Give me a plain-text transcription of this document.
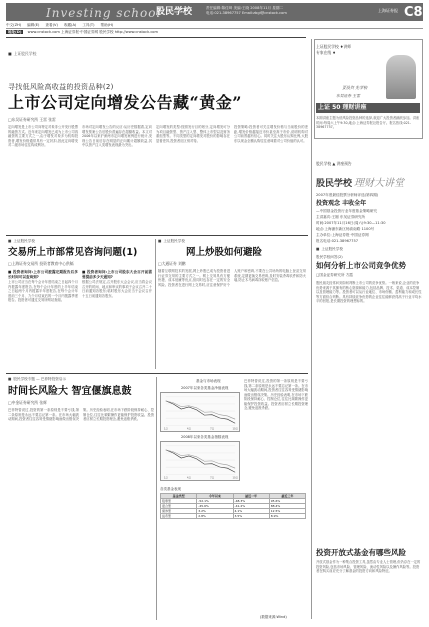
Investing school
股民学校	责任编辑:陈佳琦 美编:王晓 2008年11月 星期二
电话:021-38967757 Email:zbgl@cnstock.com
上海证券报 C8
中文(ZH) 编辑(E) 查看(V) 收藏(A) 工具(T) 帮助(H)
地址(D) www.cnstock.com 上海证券报·中国证券网 股民学校 http://www.cnstock.com
■ 上证股民学校
寻找低风险高收益的投资品种(2)
上市公司定向增发公告藏“黄金”
□东吴证券研究所 王雷 张雷
定向增发是上市公司向特定对象非公开发行股票的融资方式。近年来定向增发已成为上市公司再融资的主要方式之一,由于增发对象多为机构投资者,增发价格通常具有一定折扣,因此定向增发对二级市场往往构成利好。
市场对定向增发公告的反应:从历史数据看,定向增发预案公告后股价普遍存在超额收益。本文对2006年以来沪深两市定向增发案例进行统计,发现公告日前后存在明显的正向累计超额收益,其中以资产注入类增发表现最为突出。
定向增发的类型:按照发行目的划分,定向增发可分为项目融资型、资产注入型、整体上市型以及财务重组型等。不同类型的定向增发对股价的影响存在显著差异,投资者应区别对待。
投资策略:投资者可关注增发价格与当前股价的差距,增发价格越接近市价甚至高于市价,说明机构对公司前景越有信心。同时关注大股东认购比例,大股东以现金全额认购往往意味着对公司价值的认可。
上证股民学校 ♦讲师
专家在线 ♦
要投资 先学校
东吴证券 王雷
上证 50 理财讲座
本期讲座主题为低风险投资品种的选择,欢迎广大投资者踊跃参加。讲座时间:每周六上午9:30,地点:上海证券报社报告厅。报名热线:021-38967757。
股民学校 ▲ 讲座预告
股民学校 理财大讲堂
2007年度最佳股票分析师评选(第四期)
投资观念 丰收全年
—中国基金投资行业年度基金策略研究
主讲嘉宾:王刚 东吴证券研究所
时间:2007年11月16日(周六)9:30—11:30
地点:上海浦东新区杨高南路 1100号
主办单位:上海证券报·中国证券网
报名电话:021-38967757
■ 上证股民学校
股民学校问答(2)
如何分析上市公司竞争优势
□国金证券研究所 方霞
股民朋友经常问到如何判断上市公司的竞争优势。一般来说,企业的竞争优势来源于其拥有的核心资源和能力,包括品牌、技术、渠道、成本控制以及管理能力等。投资者可以从行业地位、市场份额、盈利能力和成长性等方面综合判断。具有持续竞争优势的企业往往能够获得高于行业平均水平的回报,是长期投资的理想标的。
投资开放式基金有哪些风险
开放式基金作为一种集合投资工具,虽然由专业人士管理,但仍存在一定的投资风险,包括市场风险、管理风险、流动性风险以及操作风险等。投资者在购买前应充分了解基金的投资方向和风险特征。
■ 上证股民学校
交易所上市部常见咨询问题(1)
□上海证券交易所 投资者教育中心供稿
■ 投资者询问:上市公司披露定期报告后多长时间可以查询到?
上市公司应当在每个会计年度结束之日起四个月内披露年度报告,在每个会计年度的上半年结束之日起两个月内披露半年度报告,在每个会计年度前三个月、九个月结束后的一个月内披露季度报告。投资者可通过交易所网站查阅。
■ 投资者询问:上市公司股东大会召开前需要提前多少天通知?
根据公司法规定,召开股东大会会议,应当将会议召开的时间、地点和审议的事项于会议召开二十日前通知各股东;临时股东大会应当于会议召开十五日前通知各股东。
■ 上证股民学校
网上炒股如何避险
□大通证券 刘鹏
随着互联网技术的发展,网上炒股已成为投资者进行证券交易的主要方式之一。网上交易具有方便快捷、成本低廉等优点,但同时也存在一定的安全风险。投资者在进行网上交易时,应注意保护好个人账户和密码,不要在公共场所的电脑上登录交易系统,定期更换交易密码,及时安装杀毒软件和防火墙,防止木马病毒窃取账户信息。
■ 股民学校专题 — 巴菲特投资启示
时间长风险大 智宜偃旗息鼓
□中金证券研究所 张辉
巴菲特曾说过,投资的第一条原则是不要亏钱,第二条原则是永远不要忘记第一条。在市场大幅波动期间,投资者往往容易受情绪影响而做出错误决策。历史经验表明,在市场下跌阶段保持耐心、控制仓位,往往比频繁操作更能保护投资收益。投资者应树立长期投资理念,避免追涨杀跌。
基金与市场表现
2007年以来各类基金净值表现
1月	4月	7月	10月
2008年以来各类基金指数表现
1月	4月	7月	10月
各类基金表现
基金类型	今年以来	最近一年	最近三年
股票型	-52.1%	-48.3%	95.6%
混合型	-45.6%	-41.2%	88.4%
债券型	3.2%	4.1%	12.5%
货币型	2.8%	3.5%	8.9%
(数据来源:Wind)
巴菲特曾说过,投资的第一条原则是不要亏钱,第二条原则是永远不要忘记第一条。在市场大幅波动期间,投资者往往容易受情绪影响而做出错误决策。历史经验表明,在市场下跌阶段保持耐心、控制仓位,往往比频繁操作更能保护投资收益。投资者应树立长期投资理念,避免追涨杀跌。
